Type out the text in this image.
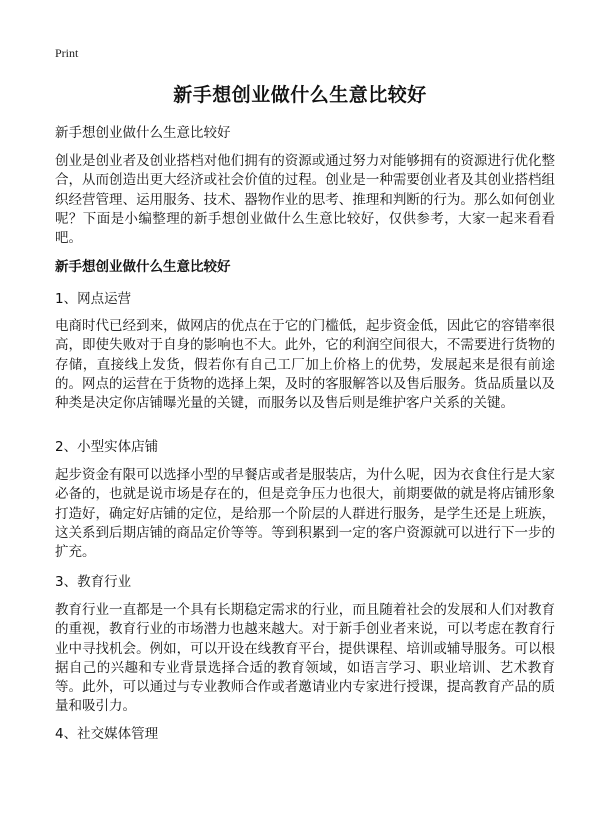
Print
新手想创业做什么生意比较好
新手想创业做什么生意比较好
创业是创业者及创业搭档对他们拥有的资源或通过努力对能够拥有的资源进行优化整合，从而创造出更大经济或社会价值的过程。创业是一种需要创业者及其创业搭档组织经营管理、运用服务、技术、器物作业的思考、推理和判断的行为。那么如何创业呢？下面是小编整理的新手想创业做什么生意比较好，仅供参考，大家一起来看看吧。
新手想创业做什么生意比较好
1、网点运营
电商时代已经到来，做网店的优点在于它的门槛低，起步资金低，因此它的容错率很高，即使失败对于自身的影响也不大。此外，它的利润空间很大，不需要进行货物的存储，直接线上发货，假若你有自己工厂加上价格上的优势，发展起来是很有前途的。网点的运营在于货物的选择上架，及时的客服解答以及售后服务。货品质量以及种类是决定你店铺曝光量的关键，而服务以及售后则是维护客户关系的关键。
2、小型实体店铺
起步资金有限可以选择小型的早餐店或者是服装店，为什么呢，因为衣食住行是大家必备的，也就是说市场是存在的，但是竞争压力也很大，前期要做的就是将店铺形象打造好，确定好店铺的定位，是给那一个阶层的人群进行服务，是学生还是上班族，这关系到后期店铺的商品定价等等。等到积累到一定的客户资源就可以进行下一步的扩充。
3、教育行业
教育行业一直都是一个具有长期稳定需求的行业，而且随着社会的发展和人们对教育的重视，教育行业的市场潜力也越来越大。对于新手创业者来说，可以考虑在教育行业中寻找机会。例如，可以开设在线教育平台，提供课程、培训或辅导服务。可以根据自己的兴趣和专业背景选择合适的教育领域，如语言学习、职业培训、艺术教育等。此外，可以通过与专业教师合作或者邀请业内专家进行授课，提高教育产品的质量和吸引力。
4、社交媒体管理
